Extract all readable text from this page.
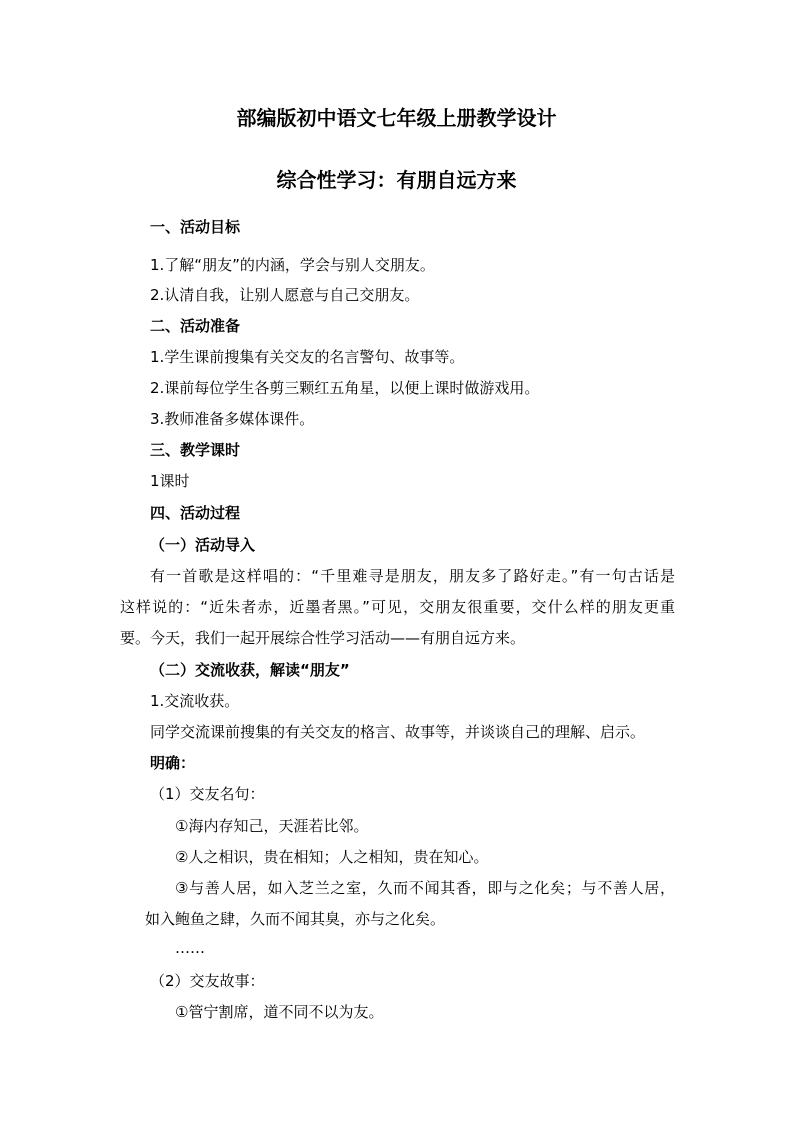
部编版初中语文七年级上册教学设计
综合性学习：有朋自远方来
一、活动目标
1.了解“朋友”的内涵，学会与别人交朋友。
2.认清自我，让别人愿意与自己交朋友。
二、活动准备
1.学生课前搜集有关交友的名言警句、故事等。
2.课前每位学生各剪三颗红五角星，以便上课时做游戏用。
3.教师准备多媒体课件。
三、教学课时
1课时
四、活动过程
（一）活动导入
有一首歌是这样唱的：“千里难寻是朋友，朋友多了路好走。”有一句古话是
这样说的：“近朱者赤，近墨者黑。”可见，交朋友很重要，交什么样的朋友更重
要。今天，我们一起开展综合性学习活动——有朋自远方来。
（二）交流收获，解读“朋友”
1.交流收获。
同学交流课前搜集的有关交友的格言、故事等，并谈谈自己的理解、启示。
明确：
（1）交友名句：
①海内存知己，天涯若比邻。
②人之相识，贵在相知；人之相知，贵在知心。
③与善人居，如入芝兰之室，久而不闻其香，即与之化矣；与不善人居，
如入鲍鱼之肆，久而不闻其臭，亦与之化矣。
……
（2）交友故事：
①管宁割席，道不同不以为友。
